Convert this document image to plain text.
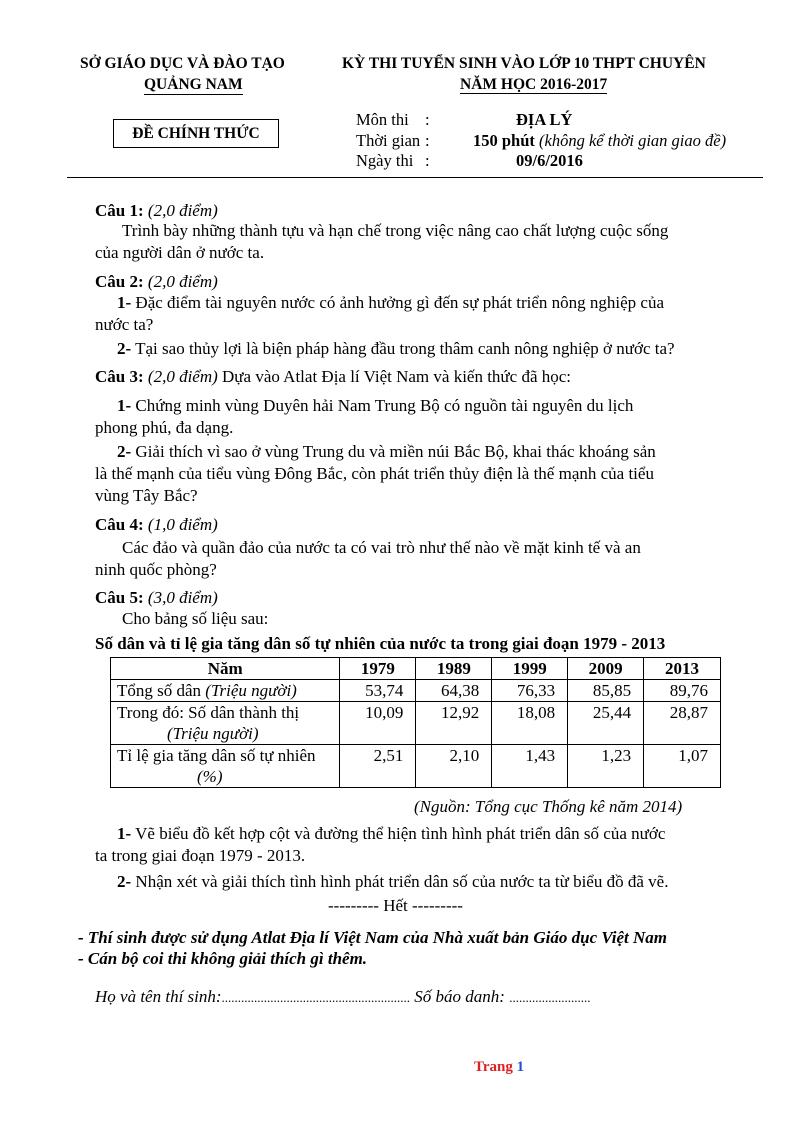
SỞ GIÁO DỤC VÀ ĐÀO TẠO
QUẢNG NAM
KỲ THI TUYỂN SINH VÀO LỚP 10 THPT CHUYÊN
NĂM HỌC 2016-2017
ĐỀ CHÍNH THỨC
Môn thi :	ĐỊA LÝ
Thời gian :	150 phút (không kể thời gian giao đề)
Ngày thi :	09/6/2016
Câu 1: (2,0 điểm)
Trình bày những thành tựu và hạn chế trong việc nâng cao chất lượng cuộc sống
của người dân ở nước ta.
Câu 2: (2,0 điểm)
1- Đặc điểm tài nguyên nước có ảnh hưởng gì đến sự phát triển nông nghiệp của
nước ta?
2- Tại sao thủy lợi là biện pháp hàng đầu trong thâm canh nông nghiệp ở nước ta?
Câu 3: (2,0 điểm) Dựa vào Atlat Địa lí Việt Nam và kiến thức đã học:
1- Chứng minh vùng Duyên hải Nam Trung Bộ có nguồn tài nguyên du lịch
phong phú, đa dạng.
2- Giải thích vì sao ở vùng Trung du và miền núi Bắc Bộ, khai thác khoáng sản
là thế mạnh của tiểu vùng Đông Bắc, còn phát triển thủy điện là thế mạnh của tiểu
vùng Tây Bắc?
Câu 4: (1,0 điểm)
Các đảo và quần đảo của nước ta có vai trò như thế nào về mặt kinh tế và an
ninh quốc phòng?
Câu 5: (3,0 điểm)
Cho bảng số liệu sau:
Số dân và tỉ lệ gia tăng dân số tự nhiên của nước ta trong giai đoạn 1979 - 2013
Năm	1979	1989	1999	2009	2013
Tổng số dân (Triệu người)	53,74	64,38	76,33	85,85	89,76
Trong đó: Số dân thành thị
(Triệu người)	10,09	12,92	18,08	25,44	28,87
Tỉ lệ gia tăng dân số tự nhiên
(%)	2,51	2,10	1,43	1,23	1,07
(Nguồn: Tổng cục Thống kê năm 2014)
1- Vẽ biểu đồ kết hợp cột và đường thể hiện tình hình phát triển dân số của nước
ta trong giai đoạn 1979 - 2013.
2- Nhận xét và giải thích tình hình phát triển dân số của nước ta từ biểu đồ đã vẽ.
--------- Hết ---------
- Thí sinh được sử dụng Atlat Địa lí Việt Nam của Nhà xuất bản Giáo dục Việt Nam
- Cán bộ coi thi không giải thích gì thêm.
Họ và tên thí sinh:.......................................................... Số báo danh: .........................
Trang 1
